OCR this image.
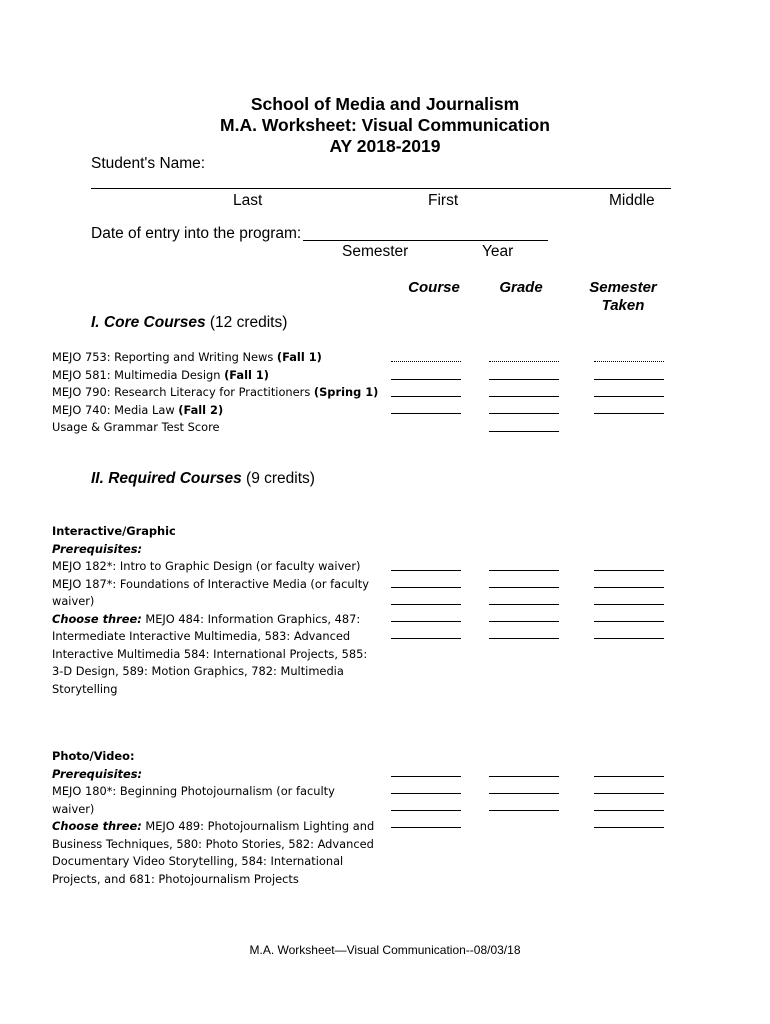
School of Media and Journalism
M.A. Worksheet: Visual Communication
AY 2018-2019
Student's Name:
Last	First	Middle
Date of entry into the program:
Semester	Year
Course	Grade	Semester
Taken
I. Core Courses (12 credits)
MEJO 753: Reporting and Writing News (Fall 1)
MEJO 581: Multimedia Design (Fall 1)
MEJO 790: Research Literacy for Practitioners (Spring 1)
MEJO 740: Media Law (Fall 2)
Usage & Grammar Test Score
II. Required Courses (9 credits)
Interactive/Graphic
Prerequisites:
MEJO 182*: Intro to Graphic Design (or faculty waiver)
MEJO 187*: Foundations of Interactive Media (or faculty
waiver)
Choose three: MEJO 484: Information Graphics, 487:
Intermediate Interactive Multimedia, 583: Advanced
Interactive Multimedia 584: International Projects, 585:
3-D Design, 589: Motion Graphics, 782: Multimedia
Storytelling
Photo/Video:
Prerequisites:
MEJO 180*: Beginning Photojournalism (or faculty
waiver)
Choose three: MEJO 489: Photojournalism Lighting and
Business Techniques, 580: Photo Stories, 582: Advanced
Documentary Video Storytelling, 584: International
Projects, and 681: Photojournalism Projects
M.A. Worksheet—Visual Communication--08/03/18
